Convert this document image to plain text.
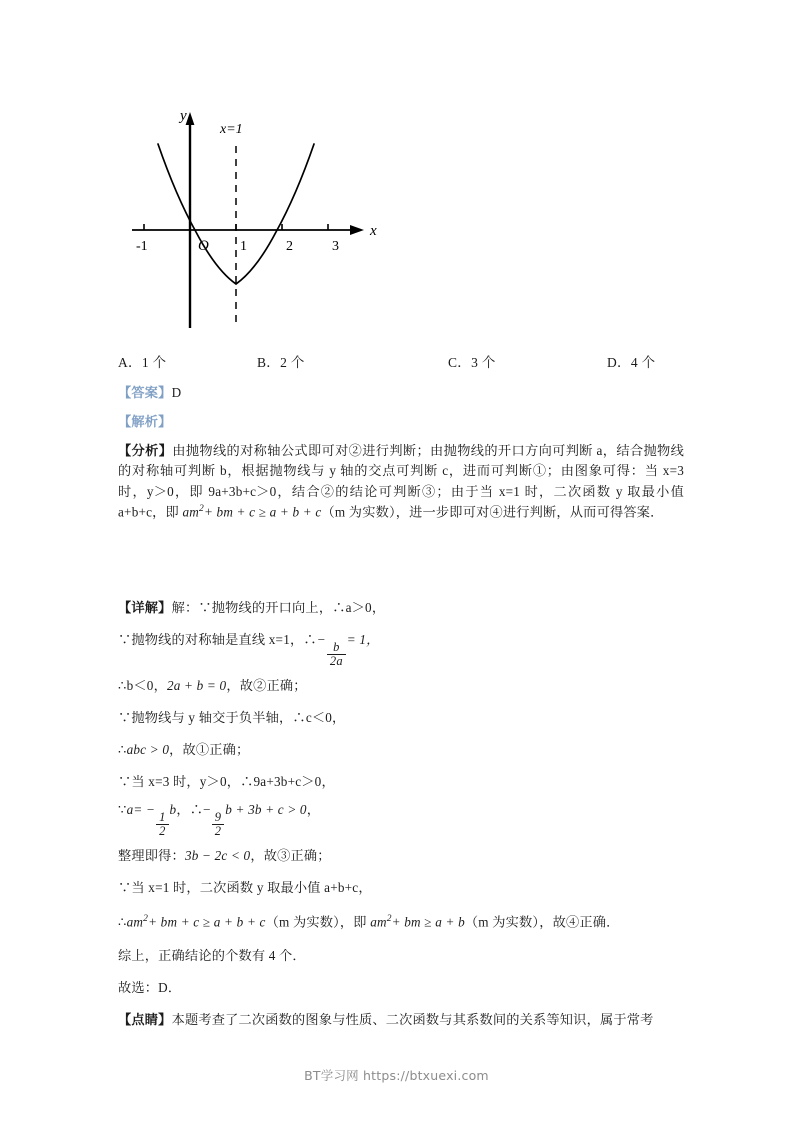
y
x
O
-1	1	2	3
x=1
A．1 个	B．2 个	C．3 个	D．4 个
【答案】D
【解析】
【分析】由抛物线的对称轴公式即可对②进行判断；由抛物线的开口方向可判断 a，结合抛物线的对称轴可判断 b，根据抛物线与 y 轴的交点可判断 c，进而可判断①；由图象可得：当 x=3 时，y＞0，即 9a+3b+c＞0，结合②的结论可判断③；由于当 x=1 时，二次函数 y 取最小值 a+b+c，即 $am^2+$ bm + c ≥ a + b + c（m 为实数），进一步即可对④进行判断，从而可得答案．
【详解】解：∵抛物线的开口向上，∴a＞0，
∵抛物线的对称轴是直线 x=1，∴−
$\frac{b}{2a}$
= 1，
∴b＜0，2a + b = 0，故②正确；
∵抛物线与 y 轴交于负半轴，∴c＜0，
∴abc > 0，故①正确；
∵当 x=3 时，y＞0，∴9a+3b+c＞0，
∵a= −
$\frac{1}{2}$
b，∴−
$\frac{9}{2}$
b + 3b + c > 0，
整理即得：3b − 2c < 0，故③正确；
∵当 x=1 时，二次函数 y 取最小值 a+b+c，
$\therefore am^2+$ bm + c ≥ a + b + c（m 为实数），即 $am^2+$ bm ≥ a + b（m 为实数），故④正确．
综上，正确结论的个数有 4 个．
故选：D．
【点睛】本题考查了二次函数的图象与性质、二次函数与其系数间的关系等知识，属于常考
BT学习网 https://btxuexi.com
